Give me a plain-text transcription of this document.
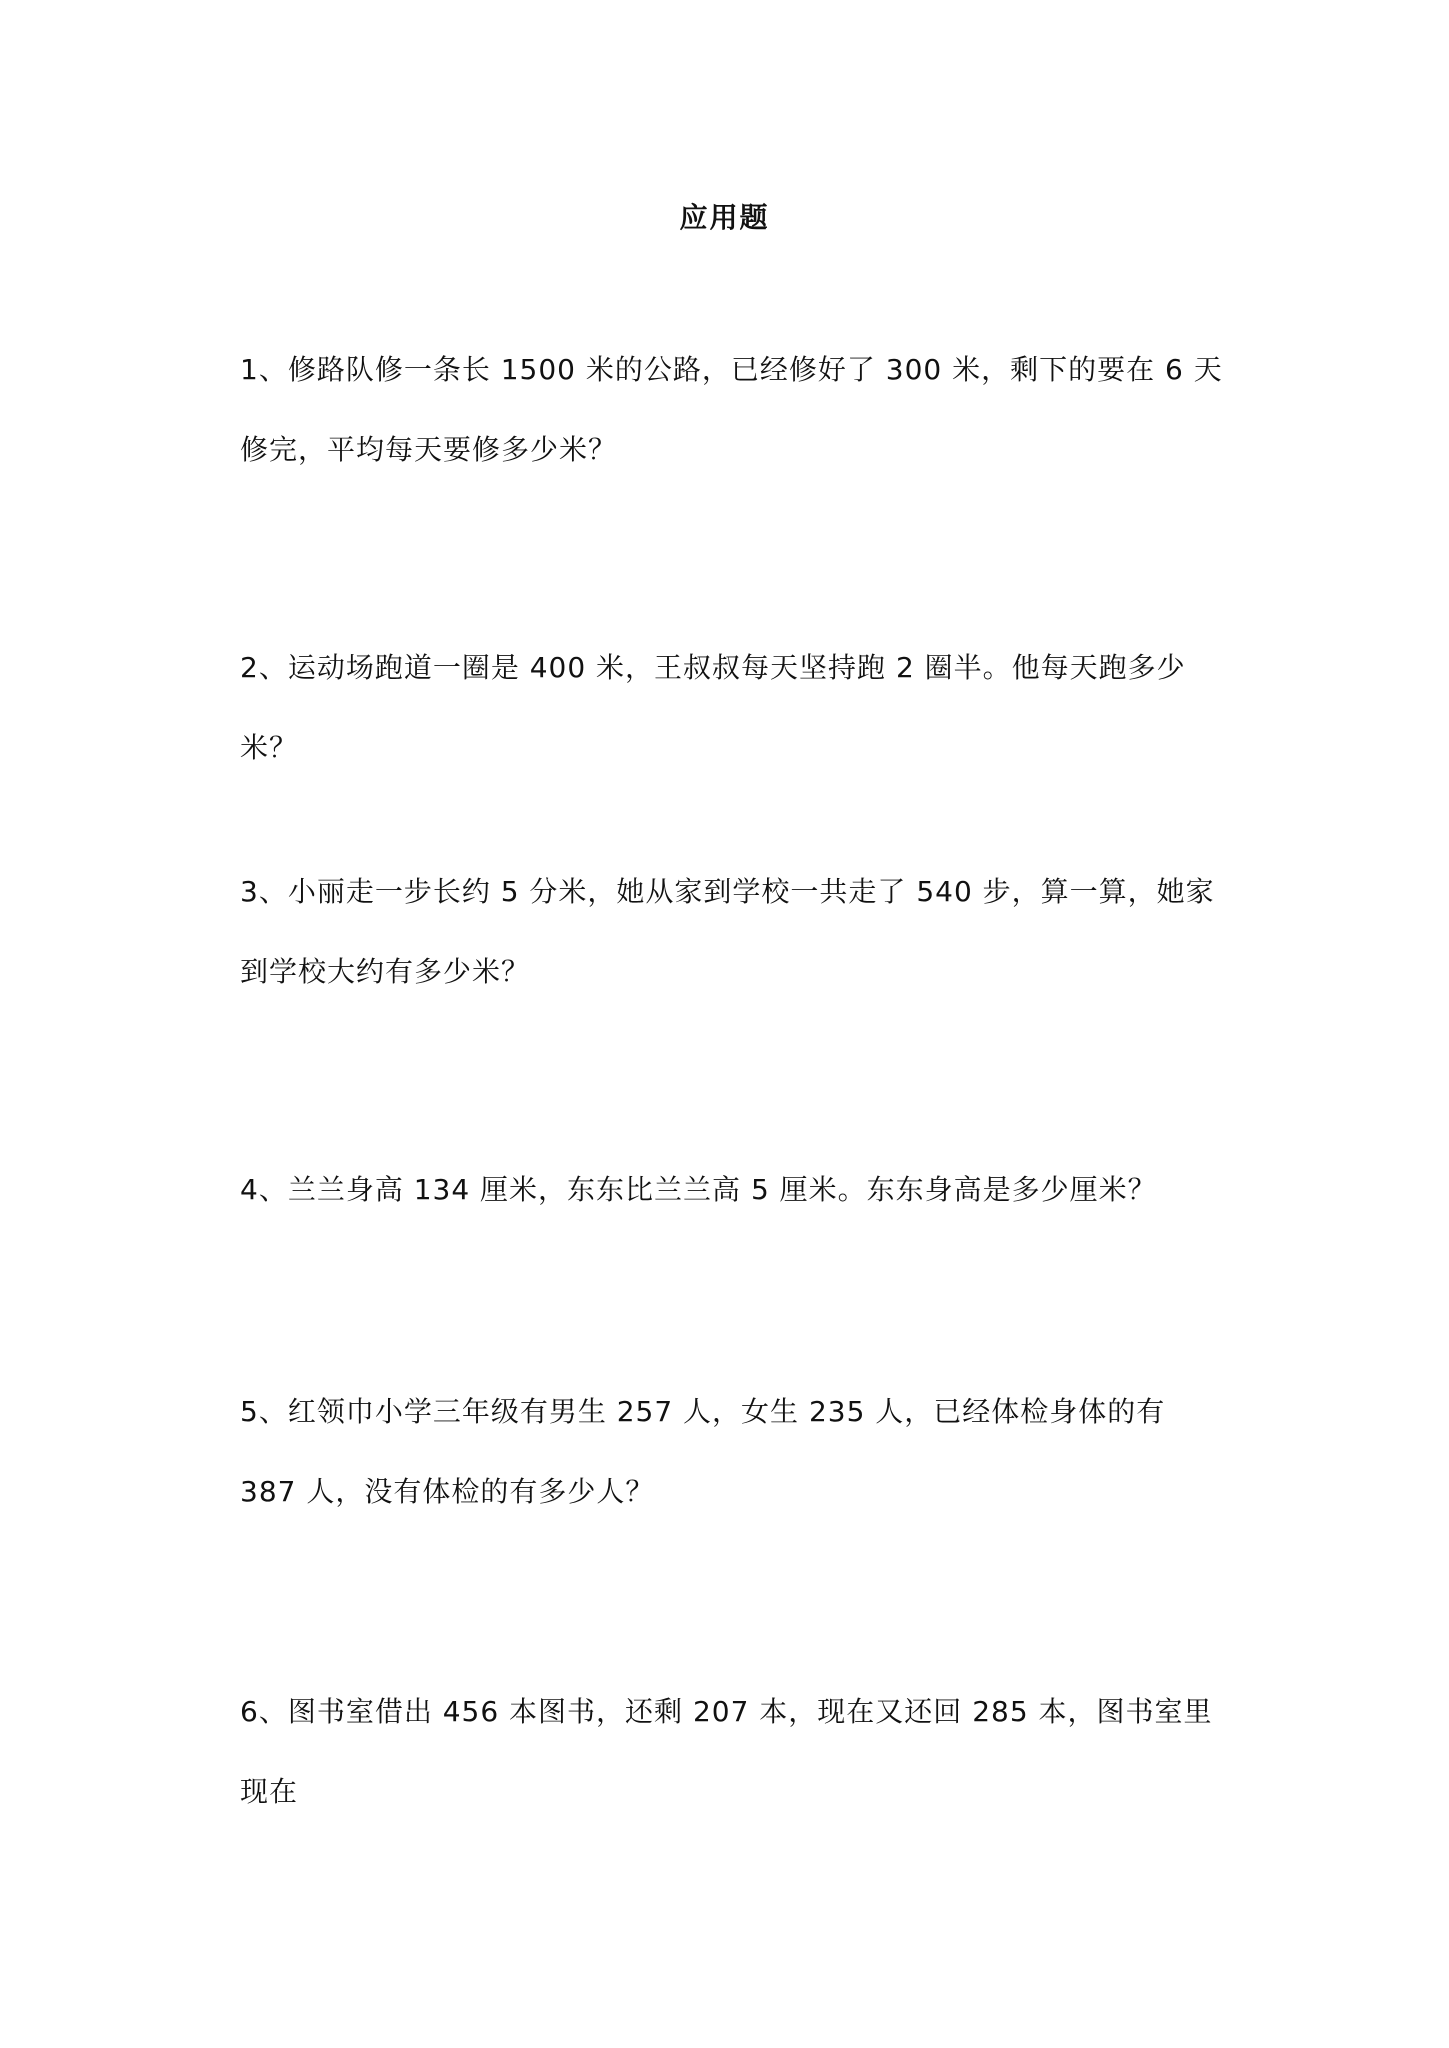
应用题
1、修路队修一条长 1500 米的公路，已经修好了 300 米，剩下的要在 6 天修完，平均每天要修多少米？
2、运动场跑道一圈是 400 米，王叔叔每天坚持跑 2 圈半。他每天跑多少米？
3、小丽走一步长约 5 分米，她从家到学校一共走了 540 步，算一算，她家到学校大约有多少米？
4、兰兰身高 134 厘米，东东比兰兰高 5 厘米。东东身高是多少厘米？
5、红领巾小学三年级有男生 257 人，女生 235 人，已经体检身体的有 387 人，没有体检的有多少人？
6、图书室借出 456 本图书，还剩 207 本，现在又还回 285 本，图书室里现在
